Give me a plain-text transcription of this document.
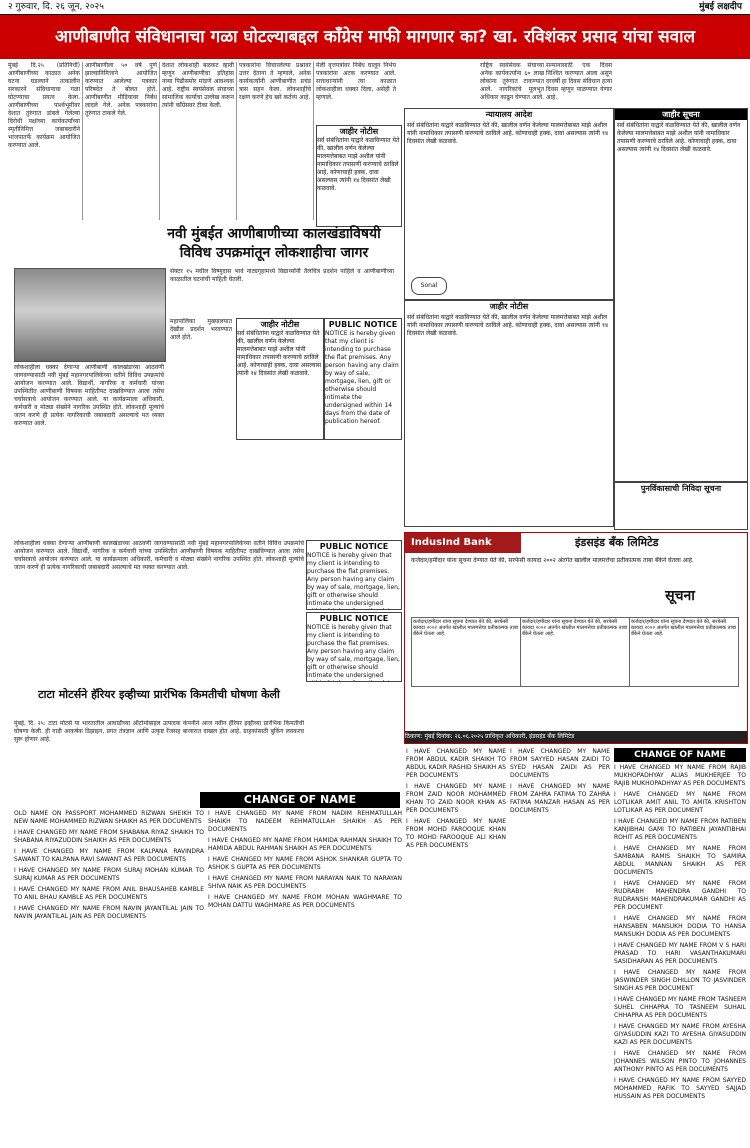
२ गुरुवार, दि. २६ जून, २०२५	मुंबई लक्षदीप
आणीबाणीत संविधानाचा गळा घोटल्याबद्दल काँग्रेस माफी मागणार का? खा. रविशंकर प्रसाद यांचा सवाल
मुंबई दि.२५ (प्रतिनिधी) आणीबाणीच्या काळात अनेक घटना घडल्याने तत्कालीन सरकारने संविधानाचा गळा घोटण्याचा प्रयत्न केला. आणीबाणीच्या पार्श्वभूमीवर देशात तुरुंगात डांबले गेलेल्या विरोधी पक्षांच्या कार्यकर्त्यांच्या स्मृतीनिमित्त जबाबदारीने भाजपातर्फे कार्यक्रम आयोजित करण्यात आले.
आणीबाणीला ५० वर्षे पूर्ण झाल्यानिमित्ताने आयोजित करण्यात आलेल्या पत्रकार परिषदेत ते बोलत होते. आणीबाणीत मीडियावर निर्बंध लादले गेले. अनेक पत्रकारांना तुरुंगात टाकले गेले.
देशात लोकशाही बळकट व्हावी म्हणून आणीबाणीचा इतिहास नव्या पिढीसमोर मांडणे आवश्यक आहे. राष्ट्रीय स्वयंसेवक संघाच्या सामाजिक कार्याचा उल्लेख करून त्यांनी काँग्रेसवर टीका केली.
पत्रकारांना विचारलेल्या प्रश्नावर उत्तर देताना ते म्हणाले, अनेक कार्यकर्त्यांनी आणीबाणीत प्रचंड त्रास सहन केला. लोकशाहीचे रक्षण करणे हेच खरे कर्तव्य आहे.
मेली वृत्तपत्रांवर निर्बंध घालून निर्भय पत्रकारांना अटक करण्यात आले. सत्ताधाऱ्यांनी त्या काळात लोकशाहीला धक्का दिला, असेही ते म्हणाले.
राष्ट्रिय स्वयंसेवक संघाच्या अनेक कार्यकर्त्यांना ६० लाख लोकांना तुरुंगात टाकण्यात आले. नागरिकांचे मूलभूत अधिकार काढून घेण्यात आले.
सन्मानासाठी एक दिवस निश्चित करण्यात आला असून दरवर्षी हा दिवस संविधान हत्या दिवस म्हणून पाळण्यात येणार आहे.
जाहीर नोटीस
सर्व संबंधितांना याद्वारे कळविण्यात येते की, खालील वर्णन केलेल्या मालमत्तेबाबत माझे अशील यांनी नामाधिकार तपासणी करण्याचे ठरविले आहे. कोणाचाही हक्क, दावा असल्यास त्यांनी १४ दिवसांत लेखी कळवावे.
न्यायालय आदेश
सर्व संबंधितांना याद्वारे कळविण्यात येते की, खालील वर्णन केलेल्या मालमत्तेबाबत माझे अशील यांनी नामाधिकार तपासणी करण्याचे ठरविले आहे. कोणाचाही हक्क, दावा असल्यास त्यांनी १४ दिवसांत लेखी कळवावे.
Sonal
जाहीर नोटीस
सर्व संबंधितांना याद्वारे कळविण्यात येते की, खालील वर्णन केलेल्या मालमत्तेबाबत माझे अशील यांनी नामाधिकार तपासणी करण्याचे ठरविले आहे. कोणाचाही हक्क, दावा असल्यास त्यांनी १४ दिवसांत लेखी कळवावे.
नवी मुंबईत आणीबाणीच्या कालखंडाविषयी
विविध उपक्रमांतून लोकशाहीचा जागर
सेक्टर १५ मधील विष्णुदास भावे नाट्यगृहामध्ये विद्यार्थ्यांनी तैलचित्र प्रदर्शन पाहिले व आणीबाणीच्या काळातील घटनांची माहिती घेतली.
लोकशाहीला धक्का देणाऱ्या आणीबाणी कालखंडाच्या आठवणी जागवण्यासाठी नवी मुंबई महानगरपालिकेच्या वतीने विविध उपक्रमांचे आयोजन करण्यात आले. विद्यार्थी, नागरिक व कर्मचारी यांच्या उपस्थितीत आणीबाणी विषयक माहितीपट दाखविण्यात आला तसेच चर्चासत्राचे आयोजन करण्यात आले. या कार्यक्रमाला अधिकारी, कर्मचारी व मोठ्या संख्येने नागरिक उपस्थित होते. लोकशाही मूल्यांचे जतन करणे ही प्रत्येक नागरिकाची जबाबदारी असल्याचे मत व्यक्त करण्यात आले.
महापालिका मुख्यालयात देखील प्रदर्शन भरवण्यात आले होते.
जाहीर नोटीस
सर्व संबंधितांना याद्वारे कळविण्यात येते की, खालील वर्णन केलेल्या मालमत्तेबाबत माझे अशील यांनी नामाधिकार तपासणी करण्याचे ठरविले आहे. कोणाचाही हक्क, दावा असल्यास त्यांनी १४ दिवसांत लेखी कळवावे.
PUBLIC NOTICE
NOTICE is hereby given that my client is intending to purchase the flat premises. Any person having any claim by way of sale, mortgage, lien, gift or otherwise should intimate the undersigned within 14 days from the date of publication hereof.
PUBLIC NOTICE
NOTICE is hereby given that my client is intending to purchase the flat premises. Any person having any claim by way of sale, mortgage, lien, gift or otherwise should intimate the undersigned
PUBLIC NOTICE
NOTICE is hereby given that my client is intending to purchase the flat premises. Any person having any claim by way of sale, mortgage, lien, gift or otherwise should intimate the undersigned
लोकशाहीला धक्का देणाऱ्या आणीबाणी कालखंडाच्या आठवणी जागवण्यासाठी नवी मुंबई महानगरपालिकेच्या वतीने विविध उपक्रमांचे आयोजन करण्यात आले. विद्यार्थी, नागरिक व कर्मचारी यांच्या उपस्थितीत आणीबाणी विषयक माहितीपट दाखविण्यात आला तसेच चर्चासत्राचे आयोजन करण्यात आले. या कार्यक्रमाला अधिकारी, कर्मचारी व मोठ्या संख्येने नागरिक उपस्थित होते. लोकशाही मूल्यांचे जतन करणे ही प्रत्येक नागरिकाची जबाबदारी असल्याचे मत व्यक्त करण्यात आले.
टाटा मोटर्सने हॅरियर इव्हीच्या प्रारंभिक किमतीची घोषणा केली
मुंबई, दि. २५: टाटा मोटर्स या भारतातील आघाडीच्या ऑटोमोबाइल उत्पादक कंपनीने आज नवीन हॅरियर इव्हीच्या प्रारंभिक किमतीची घोषणा केली. ही गाडी आकर्षक डिझाइन, प्रगत तंत्रज्ञान आणि उत्कृष्ट रेंजसह बाजारात दाखल होत आहे. ग्राहकांसाठी बुकिंग लवकरच सुरू होणार आहे.
IndusInd Bank	इंडसइंड बँक लिमिटेड
कर्जदार/हमीदार यांना सूचना देण्यात येते की, सरफेसी कायदा २००२ अंतर्गत खालील मालमत्तेचा प्रतीकात्मक ताबा बँकेने घेतला आहे.
कर्जदार/हमीदार यांना सूचना देण्यात येते की, सरफेसी कायदा २००२ अंतर्गत खालील मालमत्तेचा प्रतीकात्मक ताबा बँकेने घेतला आहे.	कर्जदार/हमीदार यांना सूचना देण्यात येते की, सरफेसी कायदा २००२ अंतर्गत खालील मालमत्तेचा प्रतीकात्मक ताबा बँकेने घेतला आहे.	कर्जदार/हमीदार यांना सूचना देण्यात येते की, सरफेसी कायदा २००२ अंतर्गत खालील मालमत्तेचा प्रतीकात्मक ताबा बँकेने घेतला आहे.
ठिकाण: मुंबई दिनांक: २६.०६.२०२५ प्राधिकृत अधिकारी, इंडसइंड बँक लिमिटेड
जाहीर सूचना
सर्व संबंधितांना याद्वारे कळविण्यात येते की, खालील वर्णन केलेल्या मालमत्तेबाबत माझे अशील यांनी नामाधिकार तपासणी करण्याचे ठरविले आहे. कोणाचाही हक्क, दावा असल्यास त्यांनी १४ दिवसांत लेखी कळवावे.
पुनर्विकासाची निविदा सूचना
सूचना
CHANGE OF NAME

I HAVE CHANGED MY NAME FROM RAJIB MUKHOPADHYAY ALIAS MUKHERJEE TO RAJIB MUKHOPADHYAY AS PER DOCUMENTS

I HAVE CHANGED MY NAME FROM LOTLIKAR AMIT ANIL TO AMITA KRISHTON LOTLIKAR AS PER DOCUMENT

I HAVE CHANGED MY NAME FROM RATIBEN KANJIBHAI GAMI TO RATIBEN JAYANTIBHAI ROHIT AS PER DOCUMENTS

I HAVE CHANGED MY NAME FROM SAMBANA RAMIS SHAIKH TO SAMIRA ABDUL MANNAN SHAIKH AS PER DOCUMENTS

I HAVE CHANGED MY NAME FROM RUDRABH MAHENDRA GANDHI TO RUDRANSH MAHENDRAKUMAR GANDHI AS PER DOCUMENT

I HAVE CHANGED MY NAME FROM HANSABEN MANSUKH DODIA TO HANSA MANSUKH DODIA AS PER DOCUMENTS

I HAVE CHANGED MY NAME FROM V S HARI PRASAD TO HARI VASANTHAKUMARI SASIDHARAN AS PER DOCUMENTS

I HAVE CHANGED MY NAME FROM JASWINDER SINGH DHILLON TO JASVINDER SINGH AS PER DOCUMENT

I HAVE CHANGED MY NAME FROM TASNEEM SUHEL CHHAPRA TO TASNEEM SUHAIL CHHAPRA AS PER DOCUMENTS

I HAVE CHANGED MY NAME FROM AYESHA GIYASUDDIN KAZI TO AYESHA GIYASUDDIN KAZI AS PER DOCUMENTS

I HAVE CHANGED MY NAME FROM JOHANNES WILSON PINTO TO JOHANNES ANTHONY PINTO AS PER DOCUMENTS

I HAVE CHANGED MY NAME FROM SAYYED MOHAMMED RAFIK TO SAYYED SAJJAD HUSSAIN AS PER DOCUMENTS

CHANGE OF NAME

OLD NAME ON PASSPORT MOHAMMED RIZWAN SHEIKH TO NEW NAME MOHAMMED RIZWAN SHAIKH AS PER DOCUMENTS

I HAVE CHANGED MY NAME FROM SHABANA RIYAZ SHAIKH TO SHABANA RIYAZUDDIN SHAIKH AS PER DOCUMENTS

I HAVE CHANGED MY NAME FROM KALPANA RAVINDRA SAWANT TO KALPANA RAVI SAWANT AS PER DOCUMENTS

I HAVE CHANGED MY NAME FROM SURAJ MOHAN KUMAR TO SURAJ KUMAR AS PER DOCUMENTS

I HAVE CHANGED MY NAME FROM ANIL BHAUSAHEB KAMBLE TO ANIL BHAU KAMBLE AS PER DOCUMENTS

I HAVE CHANGED MY NAME FROM NAVIN JAYANTILAL JAIN TO NAVIN JAYANTILAL JAIN AS PER DOCUMENTS

I HAVE CHANGED MY NAME FROM NADIM REHMATULLAH SHAIKH TO NADEEM REHMATULLAH SHAIKH AS PER DOCUMENTS

I HAVE CHANGED MY NAME FROM HAMIDA RAHMAN SHAIKH TO HAMIDA ABDUL RAHMAN SHAIKH AS PER DOCUMENTS

I HAVE CHANGED MY NAME FROM ASHOK SHANKAR GUPTA TO ASHOK S GUPTA AS PER DOCUMENTS

I HAVE CHANGED MY NAME FROM NARAYAN NAIK TO NARAYAN SHIVA NAIK AS PER DOCUMENTS

I HAVE CHANGED MY NAME FROM MOHAN WAGHMARE TO MOHAN DATTU WAGHMARE AS PER DOCUMENTS

I HAVE CHANGED MY NAME FROM ABDUL KADIR SHAIKH TO ABDUL KADIR RASHID SHAIKH AS PER DOCUMENTS

I HAVE CHANGED MY NAME FROM ZAID NOOR MOHAMMED KHAN TO ZAID NOOR KHAN AS PER DOCUMENTS

I HAVE CHANGED MY NAME FROM MOHD FAROOQUE KHAN TO MOHD FAROOQUE ALI KHAN AS PER DOCUMENTS

I HAVE CHANGED MY NAME FROM SAYYED HASAN ZAIDI TO SYED HASAN ZAIDI AS PER DOCUMENTS

I HAVE CHANGED MY NAME FROM ZAHRA FATIMA TO ZAHRA FATIMA MANZAR HASAN AS PER DOCUMENTS
